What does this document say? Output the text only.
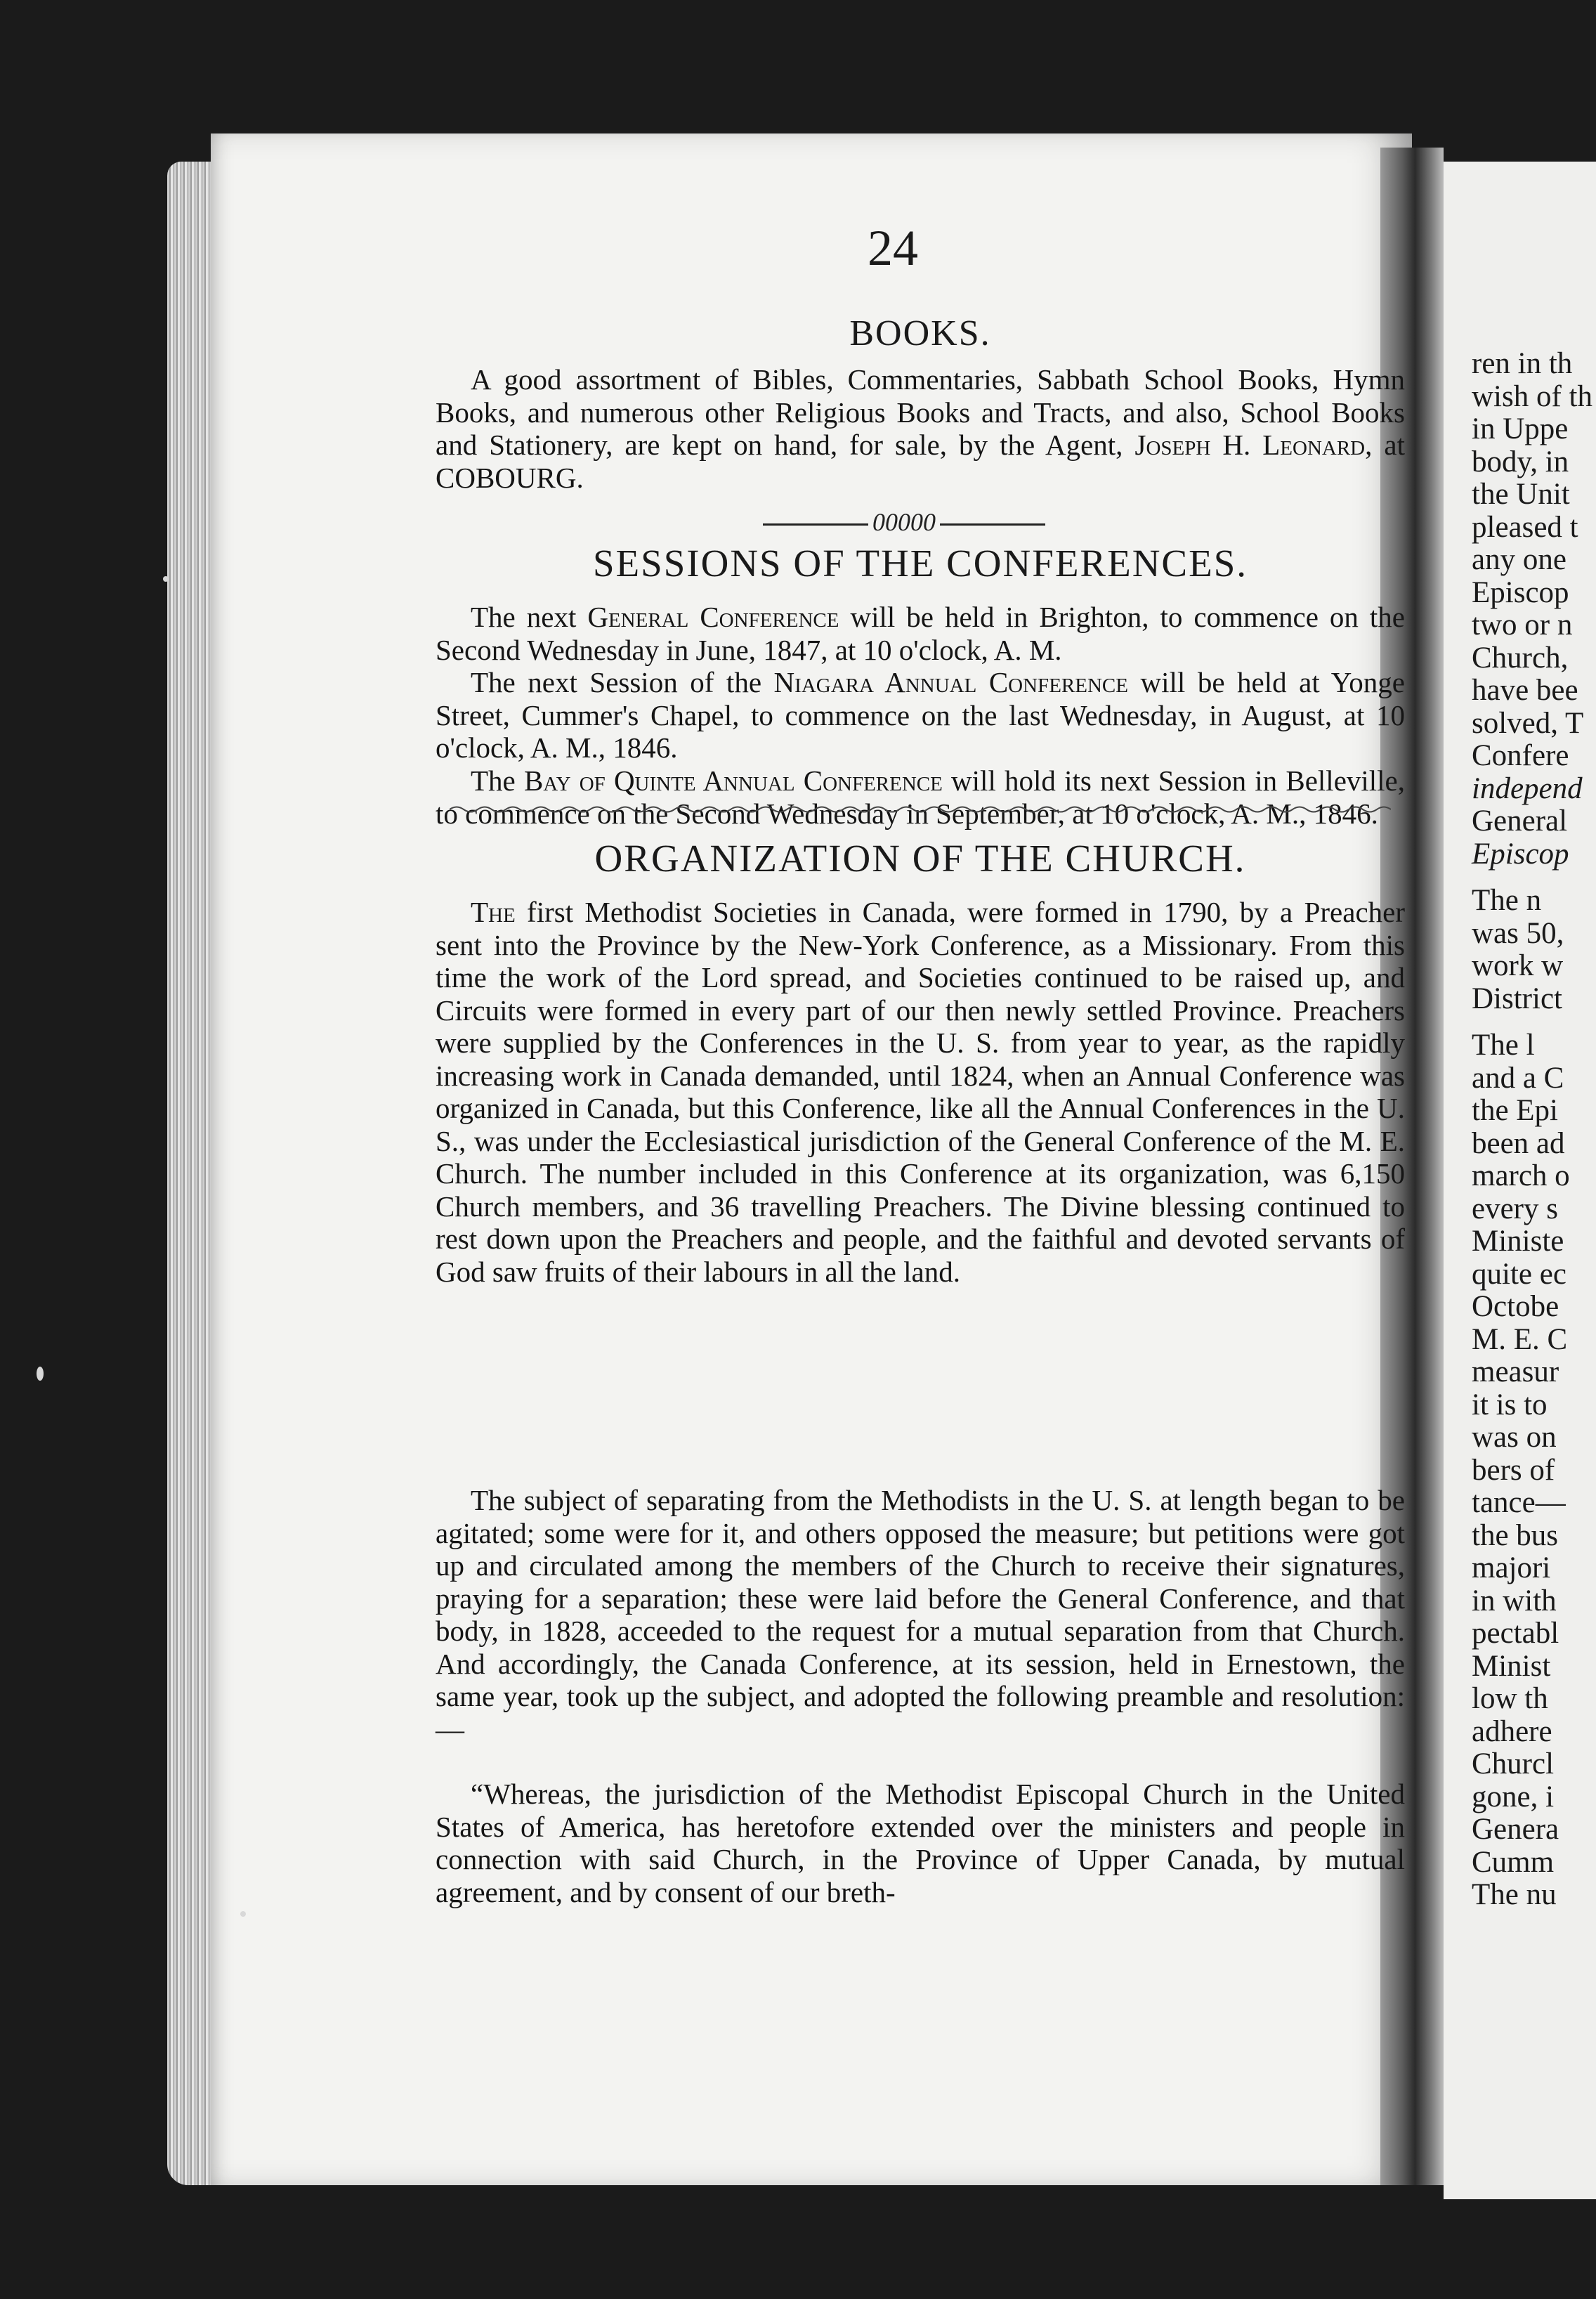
ren in th
wish of th
in Uppe
body, in
the Unit
pleased t
any one
Episcop
two or n
Church,
have bee
solved, T
Confere
independ
General
Episcop
The n
was 50,
work w
District
The l
and a C
the Epi
been ad
march o
every s
Ministe
quite ec
Octobe
M. E. C
measur
it is to
was on
bers of
tance—
the bus
majori
in with
pectabl
Minist
low th
adhere
Churcl
gone, i
Genera
Cumm
The nu
24
BOOKS.

A good assortment of Bibles, Commentaries, Sabbath School Books, Hymn Books, and numerous other Religious Books and Tracts, and also, School Books and Stationery, are kept on hand, for sale, by the Agent, Joseph H. Leonard, at COBOURG.

00000
SESSIONS OF THE CONFERENCES.

The next General Conference will be held in Brighton, to commence on the Second Wednesday in June, 1847, at 10 o'clock, A. M.

The next Session of the Niagara Annual Conference will be held at Yonge Street, Cummer's Chapel, to commence on the last Wednesday, in August, at 10 o'clock, A. M., 1846.

The Bay of Quinte Annual Conference will hold its next Session in Belleville, to commence on the Second Wednesday in September, at 10 o'clock, A. M., 1846.

ORGANIZATION OF THE CHURCH.

The first Methodist Societies in Canada, were formed in 1790, by a Preacher sent into the Province by the New-York Conference, as a Missionary. From this time the work of the Lord spread, and Societies continued to be raised up, and Circuits were formed in every part of our then newly settled Province. Preachers were supplied by the Conferences in the U. S. from year to year, as the rapidly increasing work in Canada demanded, until 1824, when an Annual Conference was organized in Canada, but this Conference, like all the Annual Conferences in the U. S., was under the Ecclesiastical jurisdiction of the General Conference of the M. E. Church. The number included in this Conference at its organization, was 6,150 Church members, and 36 travelling Preachers. The Divine blessing continued to rest down upon the Preachers and people, and the faithful and devoted servants of God saw fruits of their labours in all the land.

The subject of separating from the Methodists in the U. S. at length began to be agitated; some were for it, and others opposed the measure; but petitions were got up and circulated among the members of the Church to receive their signatures, praying for a separation; these were laid before the General Conference, and that body, in 1828, acceeded to the request for a mutual separation from that Church. And accordingly, the Canada Conference, at its session, held in Ernestown, the same year, took up the subject, and adopted the following preamble and resolution:—

“Whereas, the jurisdiction of the Methodist Episcopal Church in the United States of America, has heretofore extended over the ministers and people in connection with said Church, in the Province of Upper Canada, by mutual agreement, and by consent of our breth-
